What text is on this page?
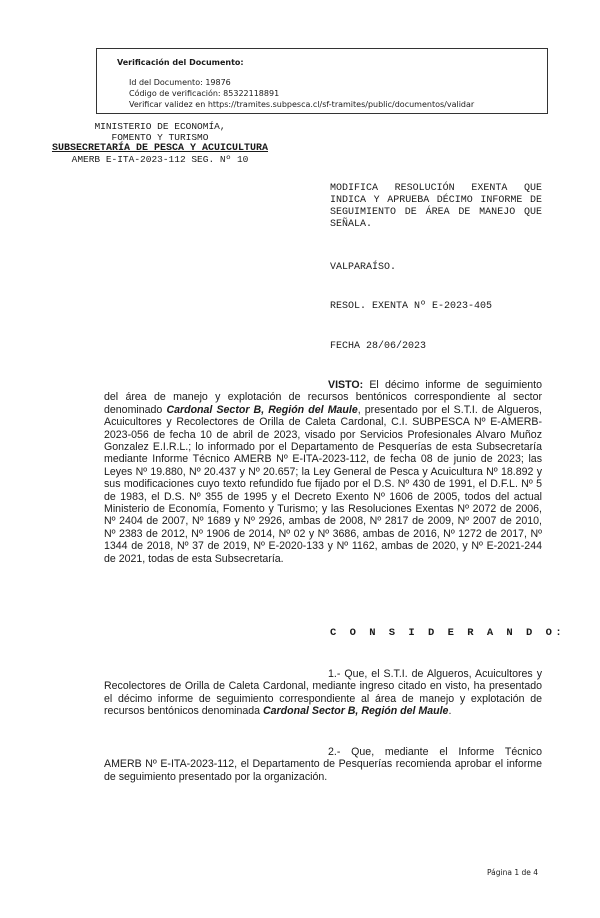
Verificación del Documento:
▸ Id del Documento: 19876
▸ Código de verificación: 85322118891
▸ Verificar validez en https://tramites.subpesca.cl/sf-tramites/public/documentos/validar
MINISTERIO DE ECONOMÍA,
FOMENTO Y TURISMO
SUBSECRETARÍA DE PESCA Y ACUICULTURA
AMERB E-ITA-2023-112 SEG. Nº 10
MODIFICA RESOLUCIÓN EXENTA QUE INDICA Y APRUEBA DÉCIMO INFORME DE SEGUIMIENTO DE ÁREA DE MANEJO QUE SEÑALA.
VALPARAÍSO.
RESOL. EXENTA Nº E-2023-405
FECHA 28/06/2023
VISTO: El décimo informe de seguimiento del área de manejo y explotación de recursos bentónicos correspondiente al sector denominado Cardonal Sector B, Región del Maule, presentado por el S.T.I. de Algueros, Acuicultores y Recolectores de Orilla de Caleta Cardonal, C.I. SUBPESCA Nº E-AMERB-2023-056 de fecha 10 de abril de 2023, visado por Servicios Profesionales Alvaro Muñoz Gonzalez E.I.R.L.; lo informado por el Departamento de Pesquerías de esta Subsecretaría mediante Informe Técnico AMERB Nº E-ITA-2023-112, de fecha 08 de junio de 2023; las Leyes Nº 19.880, Nº 20.437 y Nº 20.657; la Ley General de Pesca y Acuicultura Nº 18.892 y sus modificaciones cuyo texto refundido fue fijado por el D.S. Nº 430 de 1991, el D.F.L. Nº 5 de 1983, el D.S. Nº 355 de 1995 y el Decreto Exento Nº 1606 de 2005, todos del actual Ministerio de Economía, Fomento y Turismo; y las Resoluciones Exentas Nº 2072 de 2006, Nº 2404 de 2007, Nº 1689 y Nº 2926, ambas de 2008, Nº 2817 de 2009, Nº 2007 de 2010, Nº 2383 de 2012, Nº 1906 de 2014, Nº 02 y Nº 3686, ambas de 2016, Nº 1272 de 2017, Nº 1344 de 2018, Nº 37 de 2019, Nº E-2020-133 y Nº 1162, ambas de 2020, y Nº E-2021-244 de 2021, todas de esta Subsecretaría.
C O N S I D E R A N D O:
1.- Que, el S.T.I. de Algueros, Acuicultores y Recolectores de Orilla de Caleta Cardonal, mediante ingreso citado en visto, ha presentado el décimo informe de seguimiento correspondiente al área de manejo y explotación de recursos bentónicos denominada Cardonal Sector B, Región del Maule.
2.- Que, mediante el Informe Técnico AMERB Nº E-ITA-2023-112, el Departamento de Pesquerías recomienda aprobar el informe de seguimiento presentado por la organización.
Página 1 de 4
